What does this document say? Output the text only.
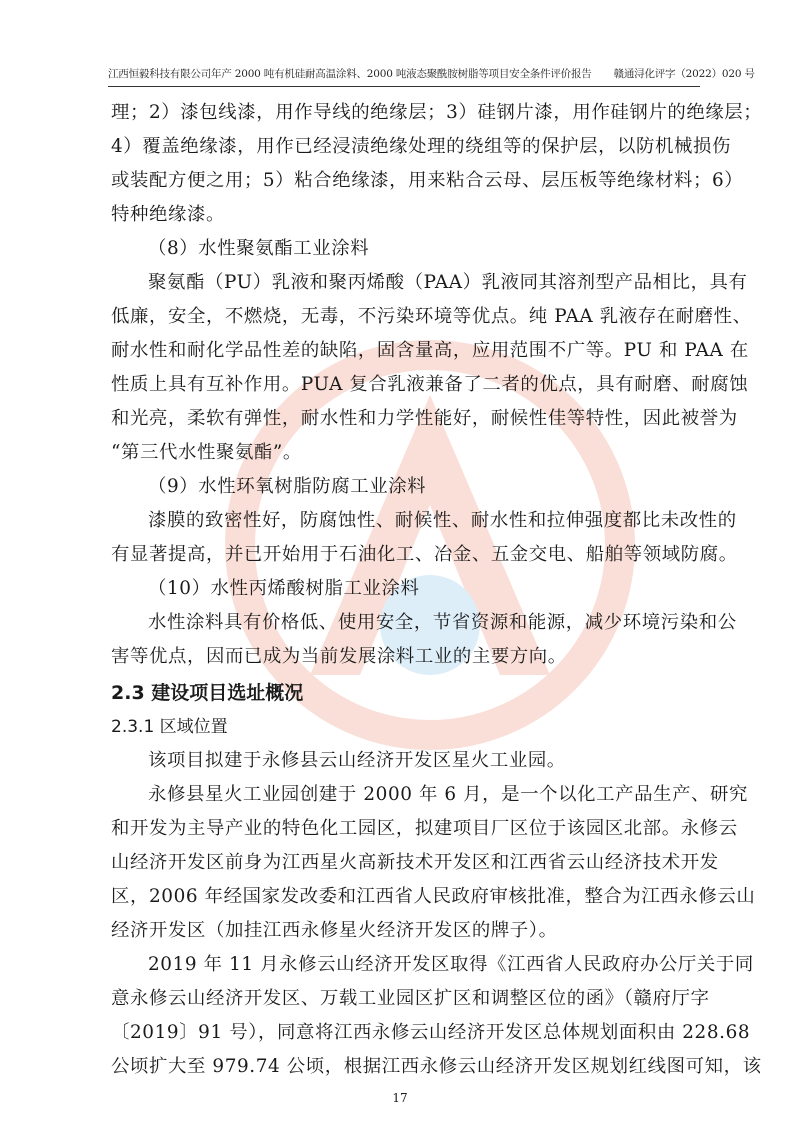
江西恒毅科技有限公司年产 2000 吨有机硅耐高温涂料、2000 吨液态聚酰胺树脂等项目安全条件评价报告 赣通浔化评字（2022）020 号
理；2）漆包线漆，用作导线的绝缘层；3）硅钢片漆，用作硅钢片的绝缘层；
4）覆盖绝缘漆，用作已经浸渍绝缘处理的绕组等的保护层，以防机械损伤
或装配方便之用；5）粘合绝缘漆，用来粘合云母、层压板等绝缘材料；6）
特种绝缘漆。
（8）水性聚氨酯工业涂料
聚氨酯（PU）乳液和聚丙烯酸（PAA）乳液同其溶剂型产品相比，具有
低廉，安全，不燃烧，无毒，不污染环境等优点。纯 PAA 乳液存在耐磨性、
耐水性和耐化学品性差的缺陷，固含量高，应用范围不广等。PU 和 PAA 在
性质上具有互补作用。PUA 复合乳液兼备了二者的优点，具有耐磨、耐腐蚀
和光亮，柔软有弹性，耐水性和力学性能好，耐候性佳等特性，因此被誉为
“第三代水性聚氨酯”。
（9）水性环氧树脂防腐工业涂料
漆膜的致密性好，防腐蚀性、耐候性、耐水性和拉伸强度都比未改性的
有显著提高，并已开始用于石油化工、冶金、五金交电、船舶等领域防腐。
（10）水性丙烯酸树脂工业涂料
水性涂料具有价格低、使用安全，节省资源和能源，减少环境污染和公
害等优点，因而已成为当前发展涂料工业的主要方向。
2.3 建设项目选址概况
2.3.1 区域位置
该项目拟建于永修县云山经济开发区星火工业园。
永修县星火工业园创建于 2000 年 6 月，是一个以化工产品生产、研究
和开发为主导产业的特色化工园区，拟建项目厂区位于该园区北部。永修云
山经济开发区前身为江西星火高新技术开发区和江西省云山经济技术开发
区，2006 年经国家发改委和江西省人民政府审核批准，整合为江西永修云山
经济开发区（加挂江西永修星火经济开发区的牌子）。
2019 年 11 月永修云山经济开发区取得《江西省人民政府办公厅关于同
意永修云山经济开发区、万载工业园区扩区和调整区位的函》（赣府厅字
〔2019〕91 号），同意将江西永修云山经济开发区总体规划面积由 228.68
公顷扩大至 979.74 公顷，根据江西永修云山经济开发区规划红线图可知，该
17
